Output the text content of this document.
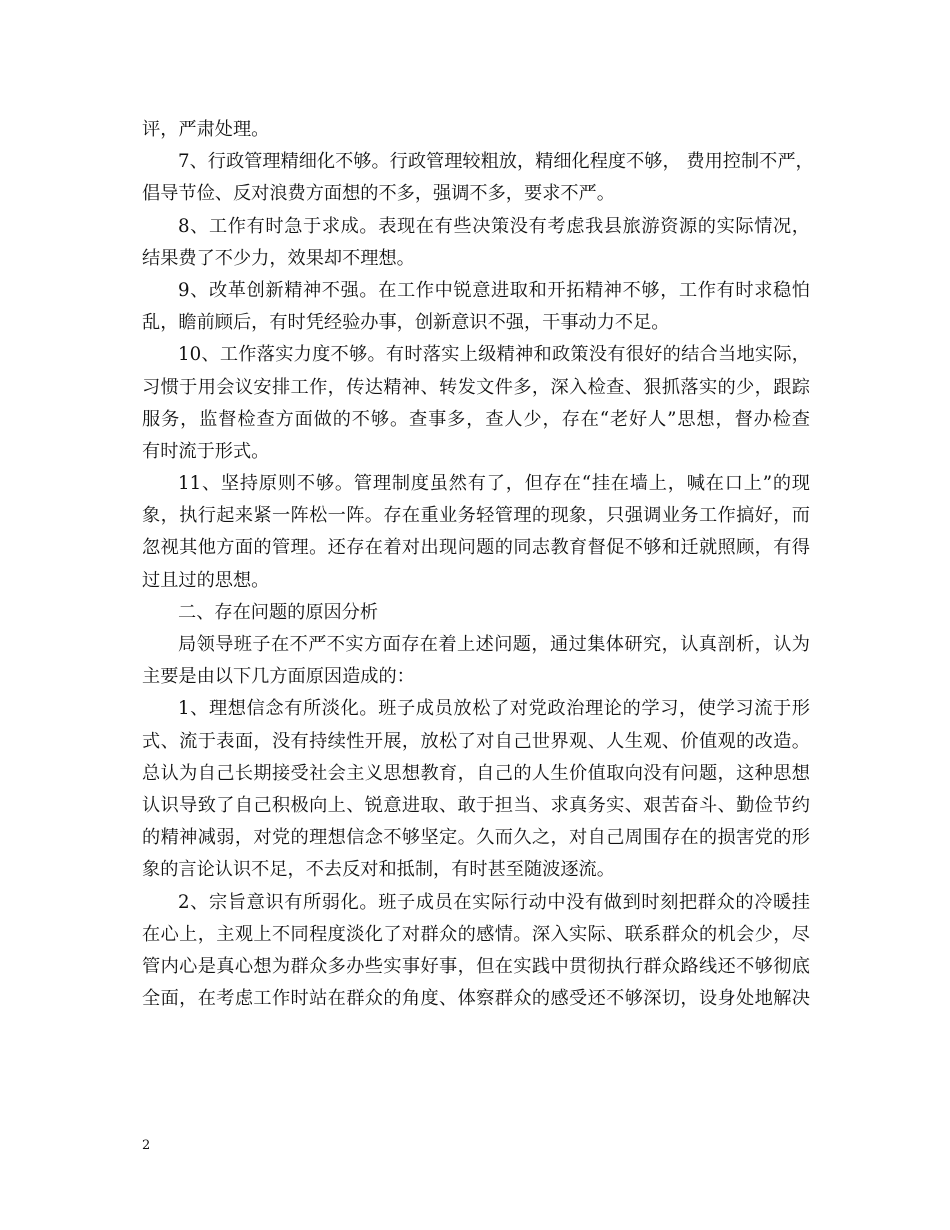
评，严肃处理。
7、行政管理精细化不够。行政管理较粗放，精细化程度不够， 费用控制不严，
倡导节俭、反对浪费方面想的不多，强调不多，要求不严。
8、工作有时急于求成。表现在有些决策没有考虑我县旅游资源的实际情况，
结果费了不少力，效果却不理想。
9、改革创新精神不强。在工作中锐意进取和开拓精神不够，工作有时求稳怕
乱，瞻前顾后，有时凭经验办事，创新意识不强，干事动力不足。
10、工作落实力度不够。有时落实上级精神和政策没有很好的结合当地实际，
习惯于用会议安排工作，传达精神、转发文件多，深入检查、狠抓落实的少，跟踪
服务，监督检查方面做的不够。查事多，查人少，存在“老好人”思想，督办检查
有时流于形式。
11、坚持原则不够。管理制度虽然有了，但存在“挂在墙上，喊在口上”的现
象，执行起来紧一阵松一阵。存在重业务轻管理的现象，只强调业务工作搞好，而
忽视其他方面的管理。还存在着对出现问题的同志教育督促不够和迁就照顾，有得
过且过的思想。
二、存在问题的原因分析
局领导班子在不严不实方面存在着上述问题，通过集体研究，认真剖析，认为
主要是由以下几方面原因造成的：
1、理想信念有所淡化。班子成员放松了对党政治理论的学习，使学习流于形
式、流于表面，没有持续性开展，放松了对自己世界观、人生观、价值观的改造。
总认为自己长期接受社会主义思想教育，自己的人生价值取向没有问题，这种思想
认识导致了自己积极向上、锐意进取、敢于担当、求真务实、艰苦奋斗、勤俭节约
的精神减弱，对党的理想信念不够坚定。久而久之，对自己周围存在的损害党的形
象的言论认识不足，不去反对和抵制，有时甚至随波逐流。
2、宗旨意识有所弱化。班子成员在实际行动中没有做到时刻把群众的冷暖挂
在心上，主观上不同程度淡化了对群众的感情。深入实际、联系群众的机会少，尽
管内心是真心想为群众多办些实事好事，但在实践中贯彻执行群众路线还不够彻底
全面，在考虑工作时站在群众的角度、体察群众的感受还不够深切，设身处地解决
2
